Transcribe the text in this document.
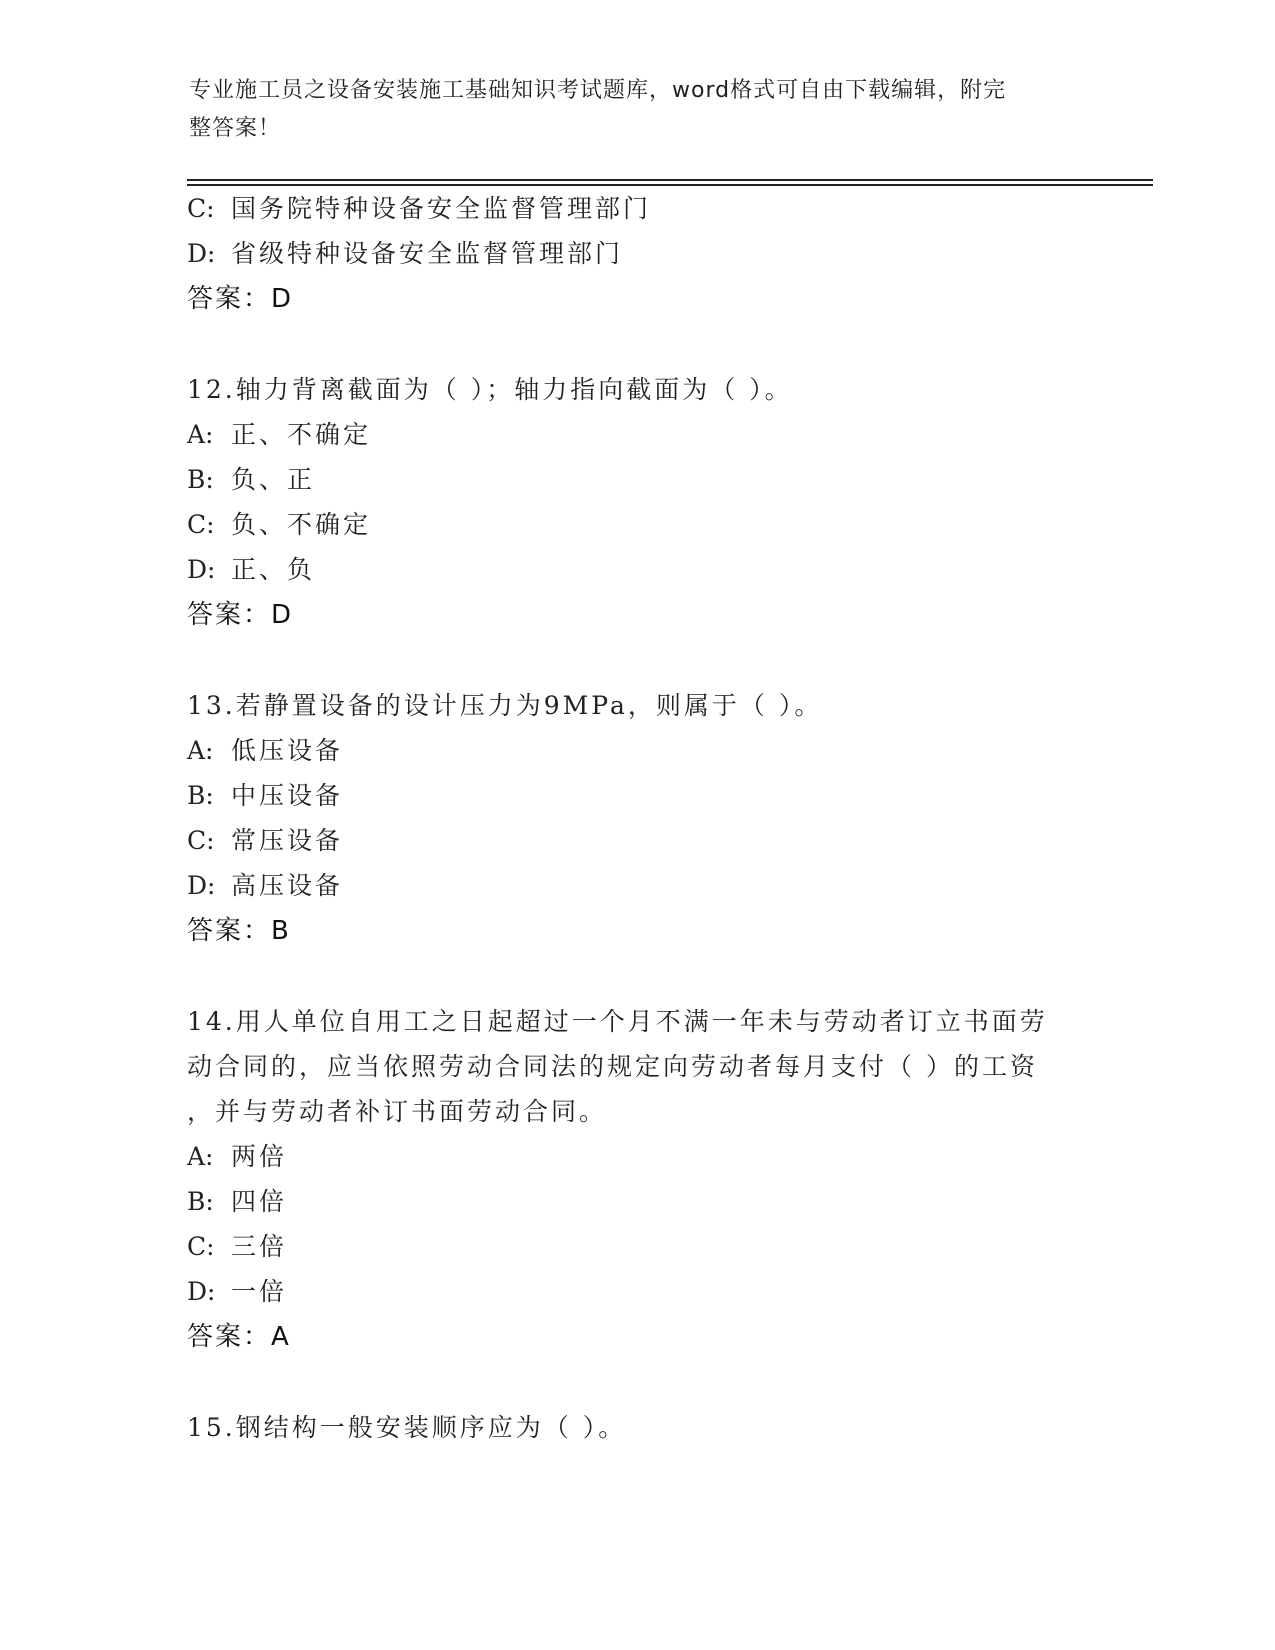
专业施工员之设备安装施工基础知识考试题库，word格式可自由下载编辑，附完
整答案！
C: 国务院特种设备安全监督管理部门
D: 省级特种设备安全监督管理部门
答案：D
12.轴力背离截面为（ ）；轴力指向截面为（ ）。
A: 正、不确定
B: 负、正
C: 负、不确定
D: 正、负
答案：D
13.若静置设备的设计压力为9MPa，则属于（ ）。
A: 低压设备
B: 中压设备
C: 常压设备
D: 高压设备
答案：B
14.用人单位自用工之日起超过一个月不满一年未与劳动者订立书面劳
动合同的，应当依照劳动合同法的规定向劳动者每月支付（ ）的工资
，并与劳动者补订书面劳动合同。
A: 两倍
B: 四倍
C: 三倍
D: 一倍
答案：A
15.钢结构一般安装顺序应为（ ）。
